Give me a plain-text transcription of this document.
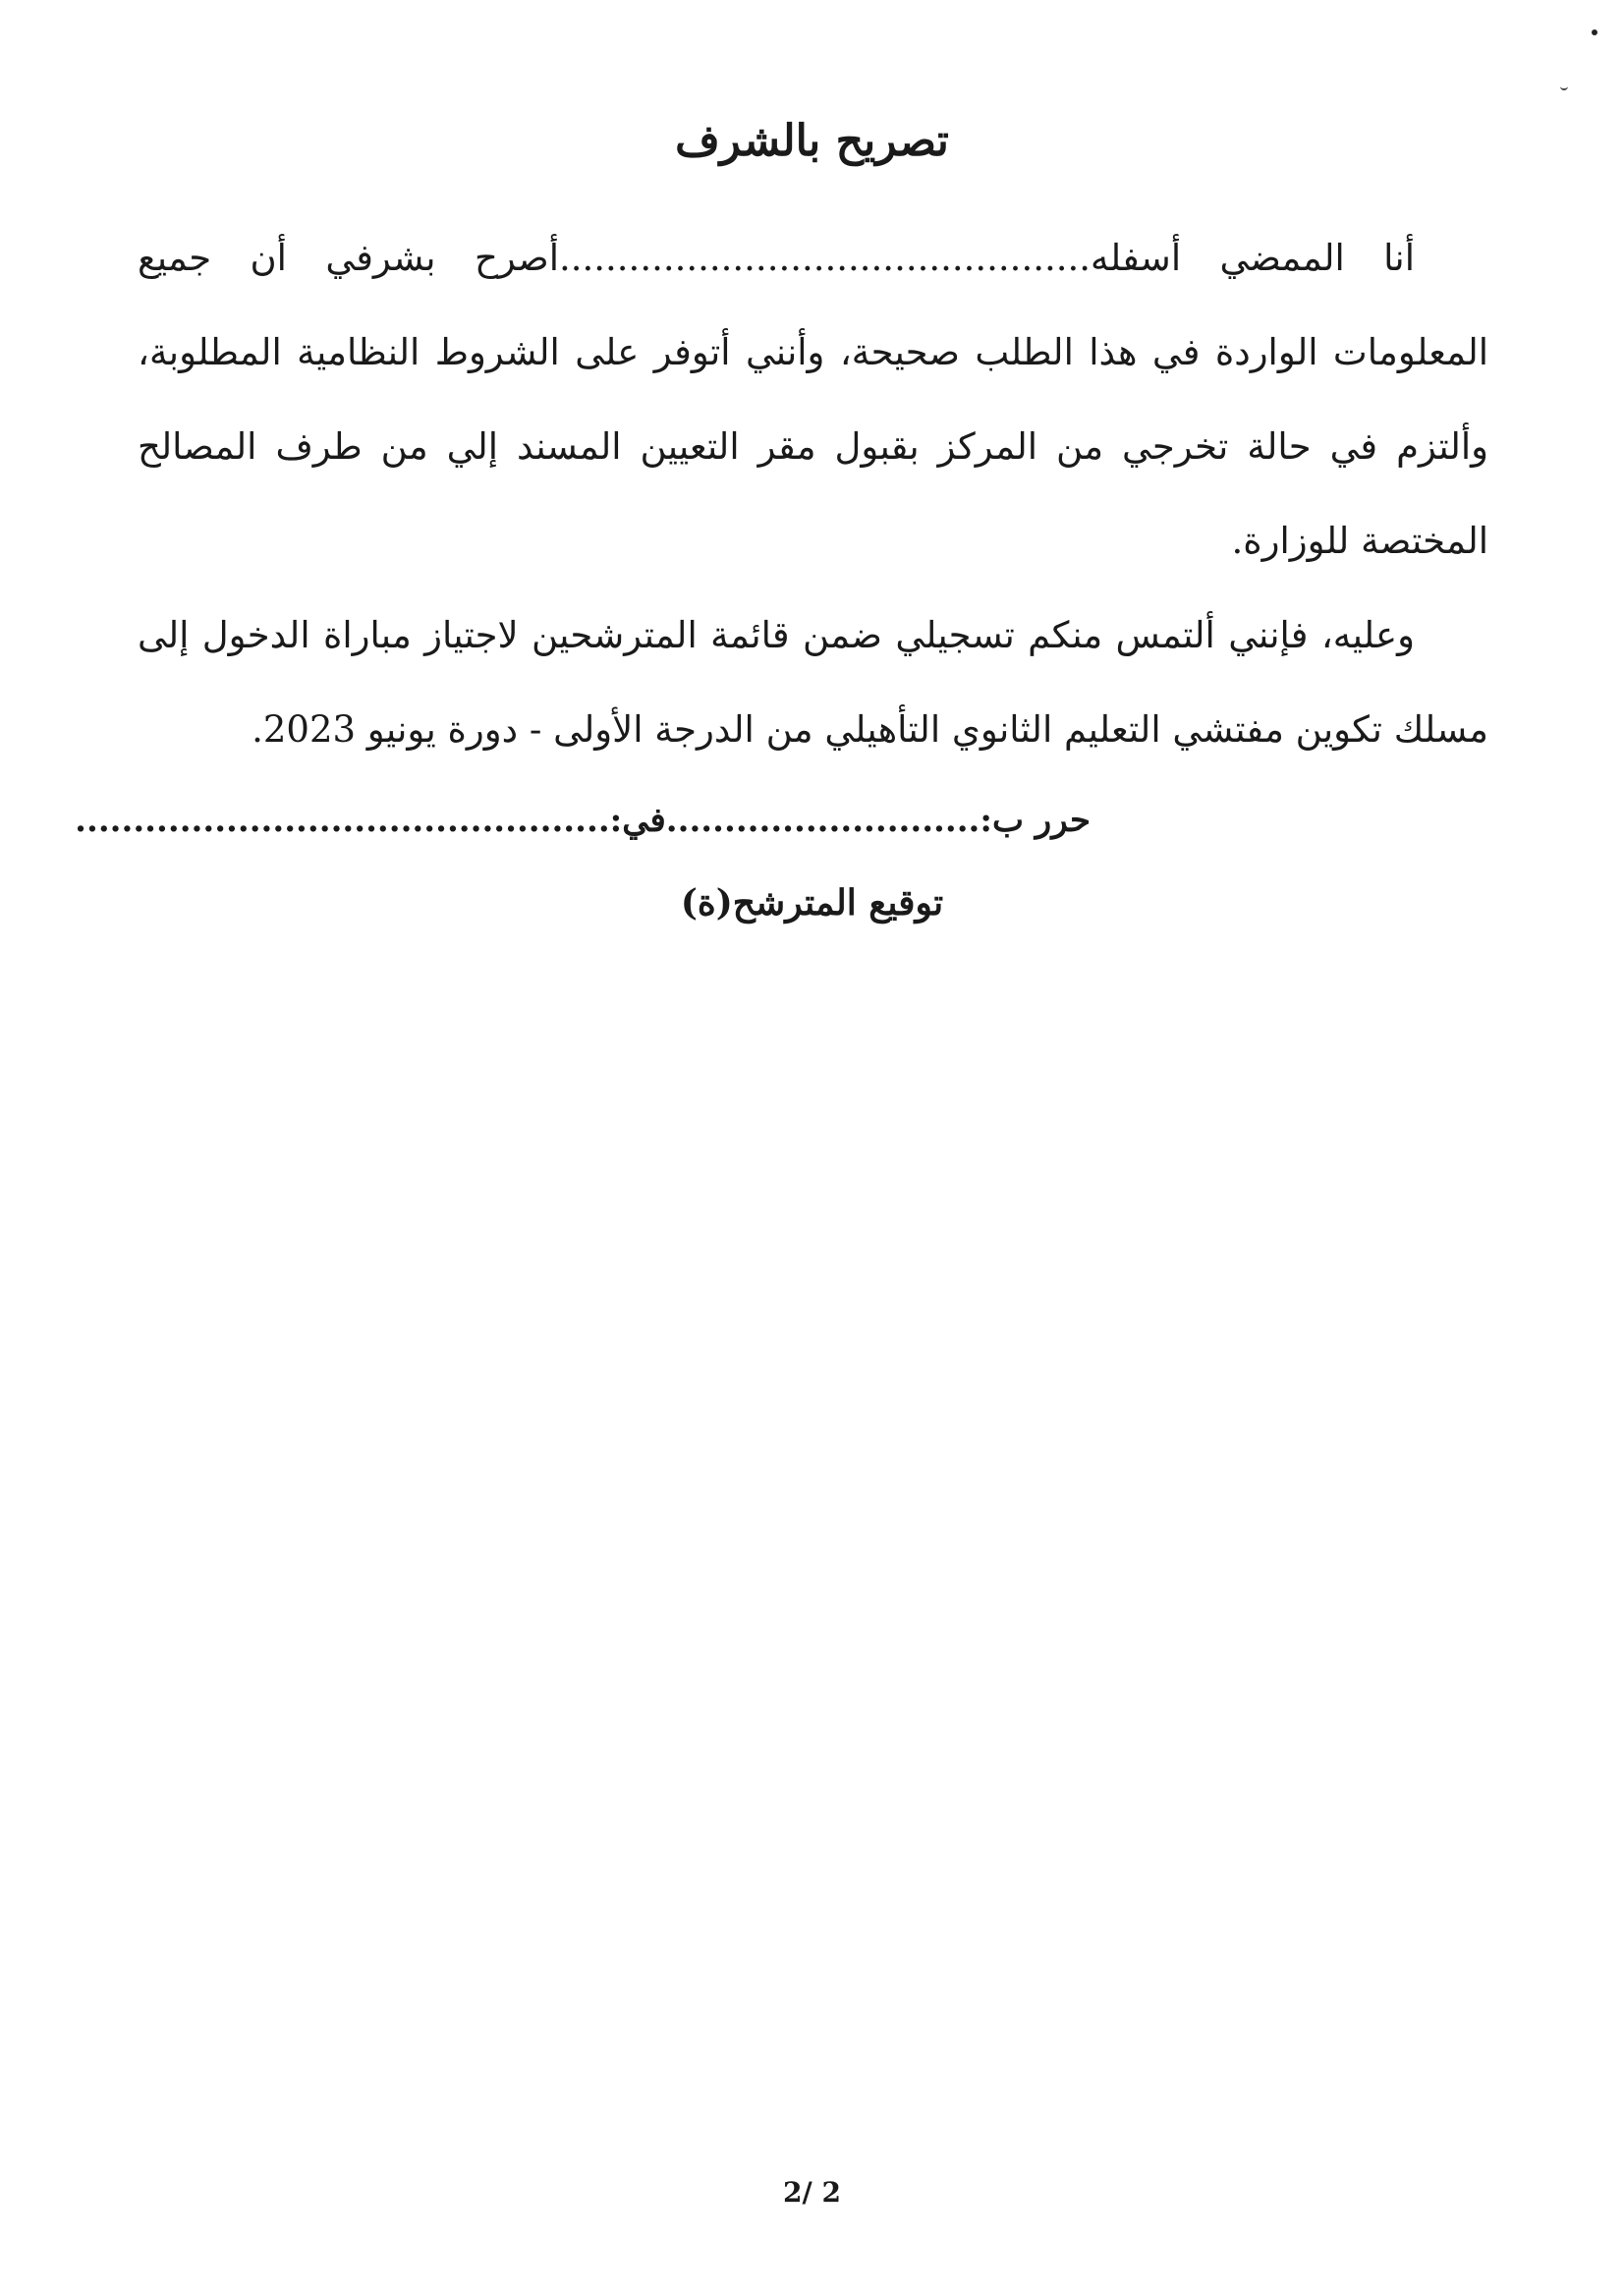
تصريح بالشرف

أنا الممضي أسفله..............................................أصرح بشرفي أن جميع المعلومات الواردة في هذا الطلب صحيحة، وأنني أتوفر على الشروط النظامية المطلوبة، وألتزم في حالة تخرجي من المركز بقبول مقر التعيين المسند إلي من طرف المصالح المختصة للوزارة.

وعليه، فإنني ألتمس منكم تسجيلي ضمن قائمة المترشحين لاجتياز مباراة الدخول إلى مسلك تكوين مفتشي التعليم الثانوي التأهيلي من الدرجة الأولى - دورة يونيو 2023.

حرر ب:...........................في:..............................................
توقيع المترشح(ة)
2/ 2
